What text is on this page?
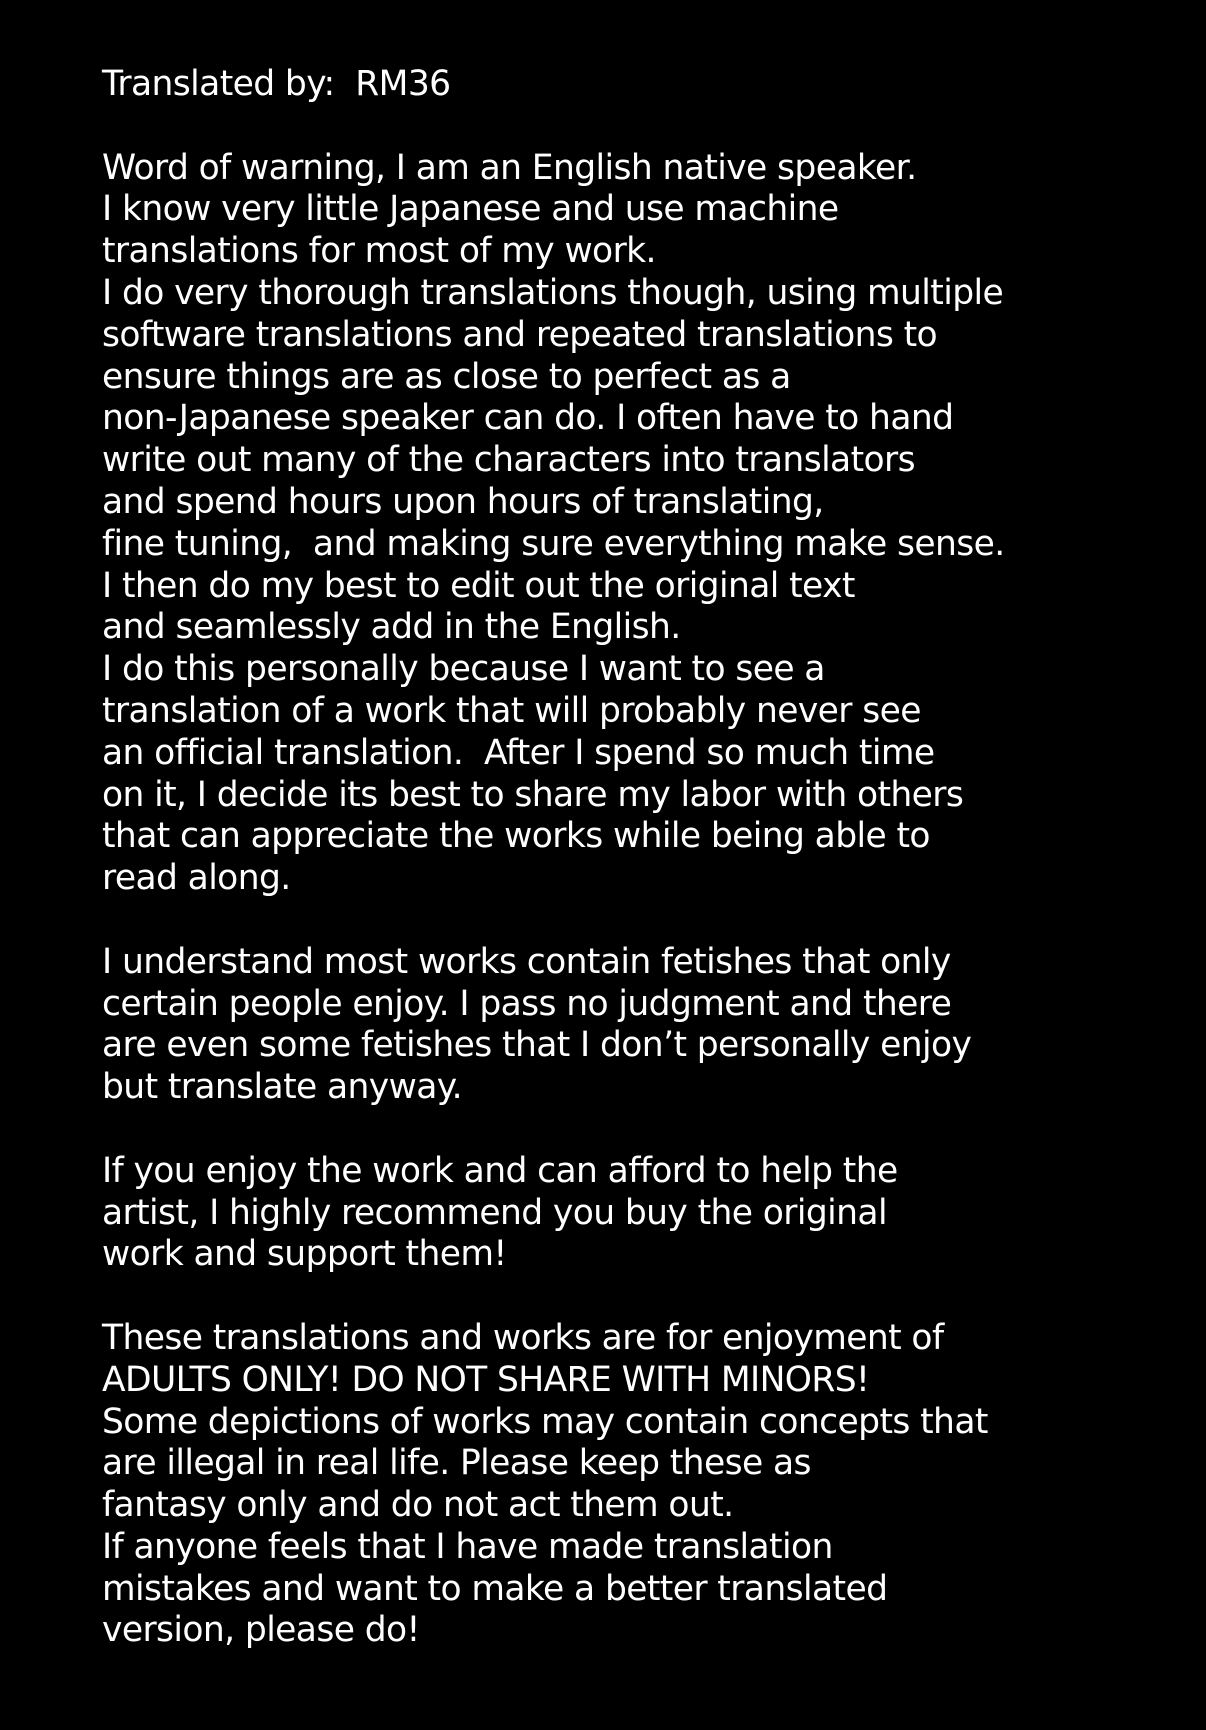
Translated by:  RM36
Word of warning, I am an English native speaker.
I know very little Japanese and use machine
translations for most of my work.
I do very thorough translations though, using multiple
software translations and repeated translations to
ensure things are as close to perfect as a
non-Japanese speaker can do. I often have to hand
write out many of the characters into translators
and spend hours upon hours of translating,
fine tuning,  and making sure everything make sense.
I then do my best to edit out the original text
and seamlessly add in the English.
I do this personally because I want to see a
translation of a work that will probably never see
an official translation.  After I spend so much time
on it, I decide its best to share my labor with others
that can appreciate the works while being able to
read along.
I understand most works contain fetishes that only
certain people enjoy. I pass no judgment and there
are even some fetishes that I don’t personally enjoy
but translate anyway.
If you enjoy the work and can afford to help the
artist, I highly recommend you buy the original
work and support them!
These translations and works are for enjoyment of
ADULTS ONLY! DO NOT SHARE WITH MINORS!
Some depictions of works may contain concepts that
are illegal in real life. Please keep these as
fantasy only and do not act them out.
If anyone feels that I have made translation
mistakes and want to make a better translated
version, please do!
